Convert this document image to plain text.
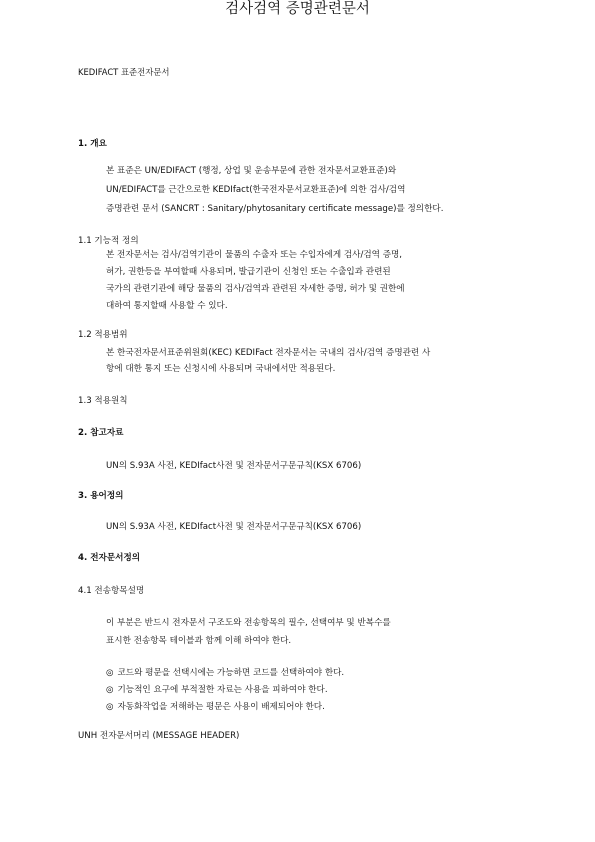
KEDIFACT 표준전자문서
검사검역 증명관련문서
1. 개요
본 표준은 UN/EDIFACT (행정, 상업 및 운송부문에 관한 전자문서교환표준)와
UN/EDIFACT를 근간으로한 KEDIfact(한국전자문서교환표준)에 의한 검사/검역
증명관련 문서 (SANCRT : Sanitary/phytosanitary certificate message)를 정의한다.
1.1 기능적 정의
본 전자문서는 검사/검역기관이 물품의 수출자 또는 수입자에게 검사/검역 증명,
허가, 권한등을 부여할때 사용되며, 발급기관이 신청인 또는 수출입과 관련된
국가의 관련기관에 해당 물품의 검사/검역과 관련된 자세한 증명, 허가 및 권한에
대하여 통지할때 사용할 수 있다.
1.2 적용범위
본 한국전자문서표준위원회(KEC) KEDIFact 전자문서는 국내의 검사/검역 증명관련 사
항에 대한 통지 또는 신청시에 사용되며 국내에서만 적용된다.
1.3 적용원칙
2. 참고자료
UN의 S.93A 사전, KEDIfact사전 및 전자문서구문규칙(KSX 6706)
3. 용어정의
UN의 S.93A 사전, KEDIfact사전 및 전자문서구문규칙(KSX 6706)
4. 전자문서정의
4.1 전송항목설명
이 부분은 반드시 전자문서 구조도와 전송항목의 필수, 선택여부 및 반복수를
표시한 전송항목 테이블과 함께 이해 하여야 한다.
◎ 코드와 평문을 선택시에는 가능하면 코드를 선택하여야 한다.
◎ 기능적인 요구에 부적절한 자료는 사용을 피하여야 한다.
◎ 자동화작업을 저해하는 평문은 사용이 배제되어야 한다.
UNH 전자문서머리 (MESSAGE HEADER)
